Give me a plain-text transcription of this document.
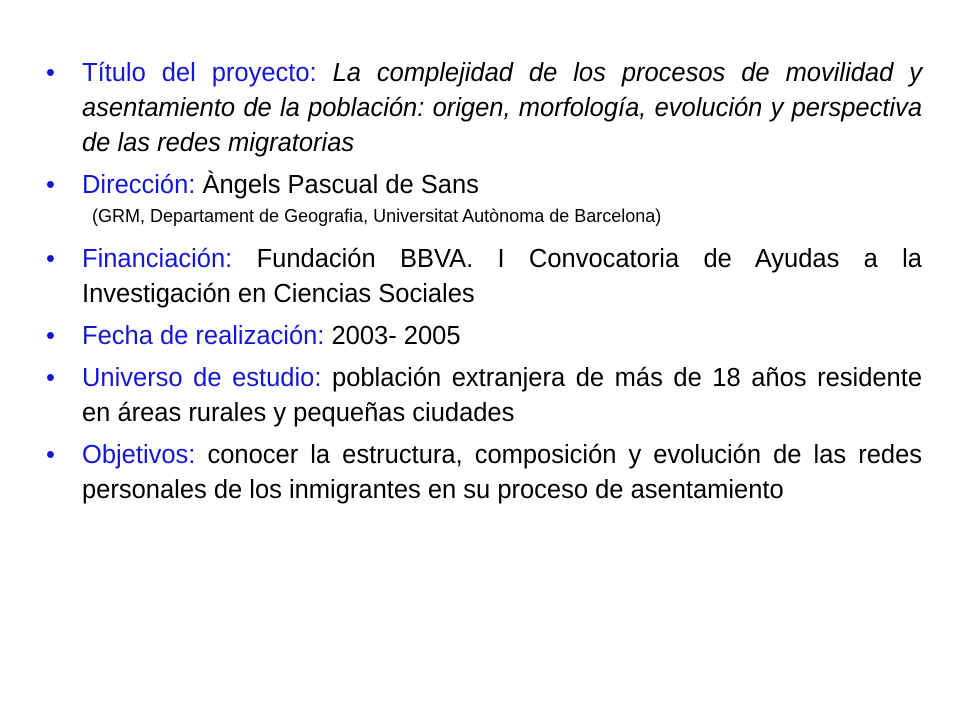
• Título del proyecto: La complejidad de los procesos de movilidad y asentamiento de la población: origen, morfología, evolución y perspectiva de las redes migratorias
• Dirección: Àngels Pascual de Sans
(GRM, Departament de Geografia, Universitat Autònoma de Barcelona)
• Financiación: Fundación BBVA. I Convocatoria de Ayudas a la Investigación en Ciencias Sociales
• Fecha de realización: 2003- 2005
• Universo de estudio: población extranjera de más de 18 años residente en áreas rurales y pequeñas ciudades
• Objetivos: conocer la estructura, composición y evolución de las redes personales de los inmigrantes en su proceso de asentamiento
